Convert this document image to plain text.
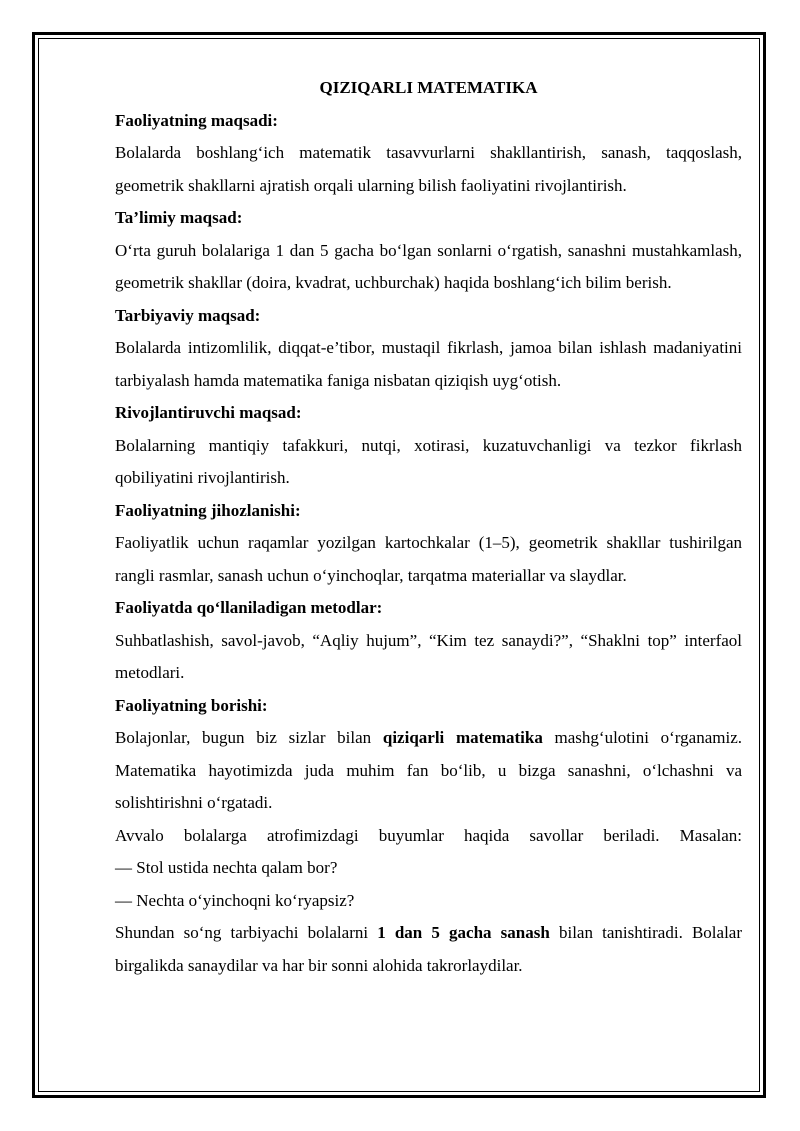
QIZIQARLI MATEMATIKA

Faoliyatning maqsadi:

Bolalarda boshlang‘ich matematik tasavvurlarni shakllantirish, sanash, taqqoslash, geometrik shakllarni ajratish orqali ularning bilish faoliyatini rivojlantirish.

Ta’limiy maqsad:

O‘rta guruh bolalariga 1 dan 5 gacha bo‘lgan sonlarni o‘rgatish, sanashni mustahkamlash, geometrik shakllar (doira, kvadrat, uchburchak) haqida boshlang‘ich bilim berish.

Tarbiyaviy maqsad:

Bolalarda intizomlilik, diqqat-e’tibor, mustaqil fikrlash, jamoa bilan ishlash madaniyatini tarbiyalash hamda matematika faniga nisbatan qiziqish uyg‘otish.

Rivojlantiruvchi maqsad:

Bolalarning mantiqiy tafakkuri, nutqi, xotirasi, kuzatuvchanligi va tezkor fikrlash qobiliyatini rivojlantirish.

Faoliyatning jihozlanishi:

Faoliyatlik uchun raqamlar yozilgan kartochkalar (1–5), geometrik shakllar tushirilgan rangli rasmlar, sanash uchun o‘yinchoqlar, tarqatma materiallar va slaydlar.

Faoliyatda qo‘llaniladigan metodlar:

Suhbatlashish, savol-javob, “Aqliy hujum”, “Kim tez sanaydi?”, “Shaklni top” interfaol metodlari.

Faoliyatning borishi:

Bolajonlar, bugun biz sizlar bilan qiziqarli matematika mashg‘ulotini o‘rganamiz. Matematika hayotimizda juda muhim fan bo‘lib, u bizga sanashni, o‘lchashni va solishtirishni o‘rgatadi.

Avvalo bolalarga atrofimizdagi buyumlar haqida savollar beriladi. Masalan:

— Stol ustida nechta qalam bor?

— Nechta o‘yinchoqni ko‘ryapsiz?

Shundan so‘ng tarbiyachi bolalarni 1 dan 5 gacha sanash bilan tanishtiradi. Bolalar birgalikda sanaydilar va har bir sonni alohida takrorlaydilar.
